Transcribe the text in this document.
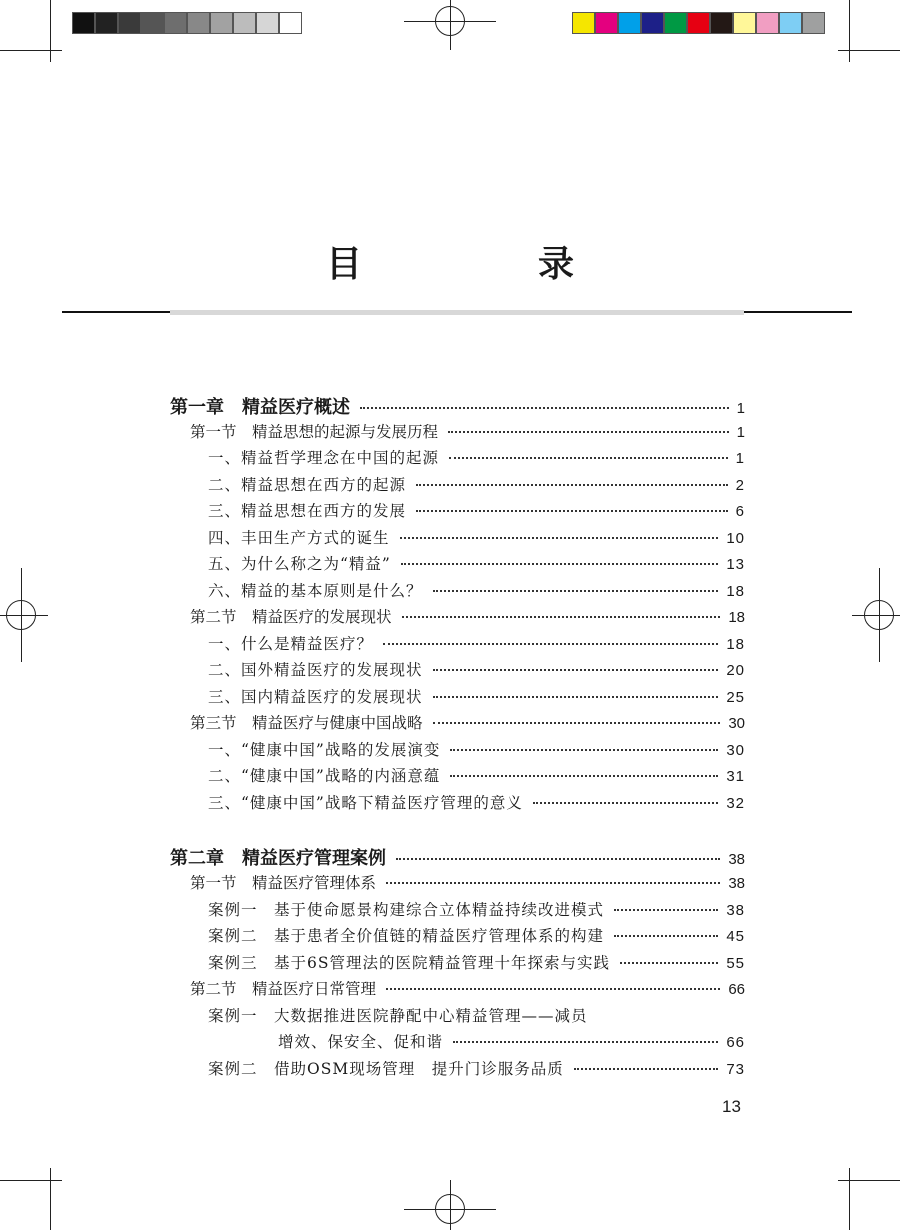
目　录
第一章　精益医疗概述	1
第一节　精益思想的起源与发展历程	1
一、精益哲学理念在中国的起源	1
二、精益思想在西方的起源	2
三、精益思想在西方的发展	6
四、丰田生产方式的诞生	10
五、为什么称之为“精益”	13
六、精益的基本原则是什么？	18
第二节　精益医疗的发展现状	18
一、什么是精益医疗？	18
二、国外精益医疗的发展现状	20
三、国内精益医疗的发展现状	25
第三节　精益医疗与健康中国战略	30
一、“健康中国”战略的发展演变	30
二、“健康中国”战略的内涵意蕴	31
三、“健康中国”战略下精益医疗管理的意义	32
第二章　精益医疗管理案例	38
第一节　精益医疗管理体系	38
案例一　基于使命愿景构建综合立体精益持续改进模式	38
案例二　基于患者全价值链的精益医疗管理体系的构建	45
案例三　基于6S管理法的医院精益管理十年探索与实践	55
第二节　精益医疗日常管理	66
案例一　大数据推进医院静配中心精益管理——减员
增效、保安全、促和谐	66
案例二　借助OSM现场管理　提升门诊服务品质	73
13
